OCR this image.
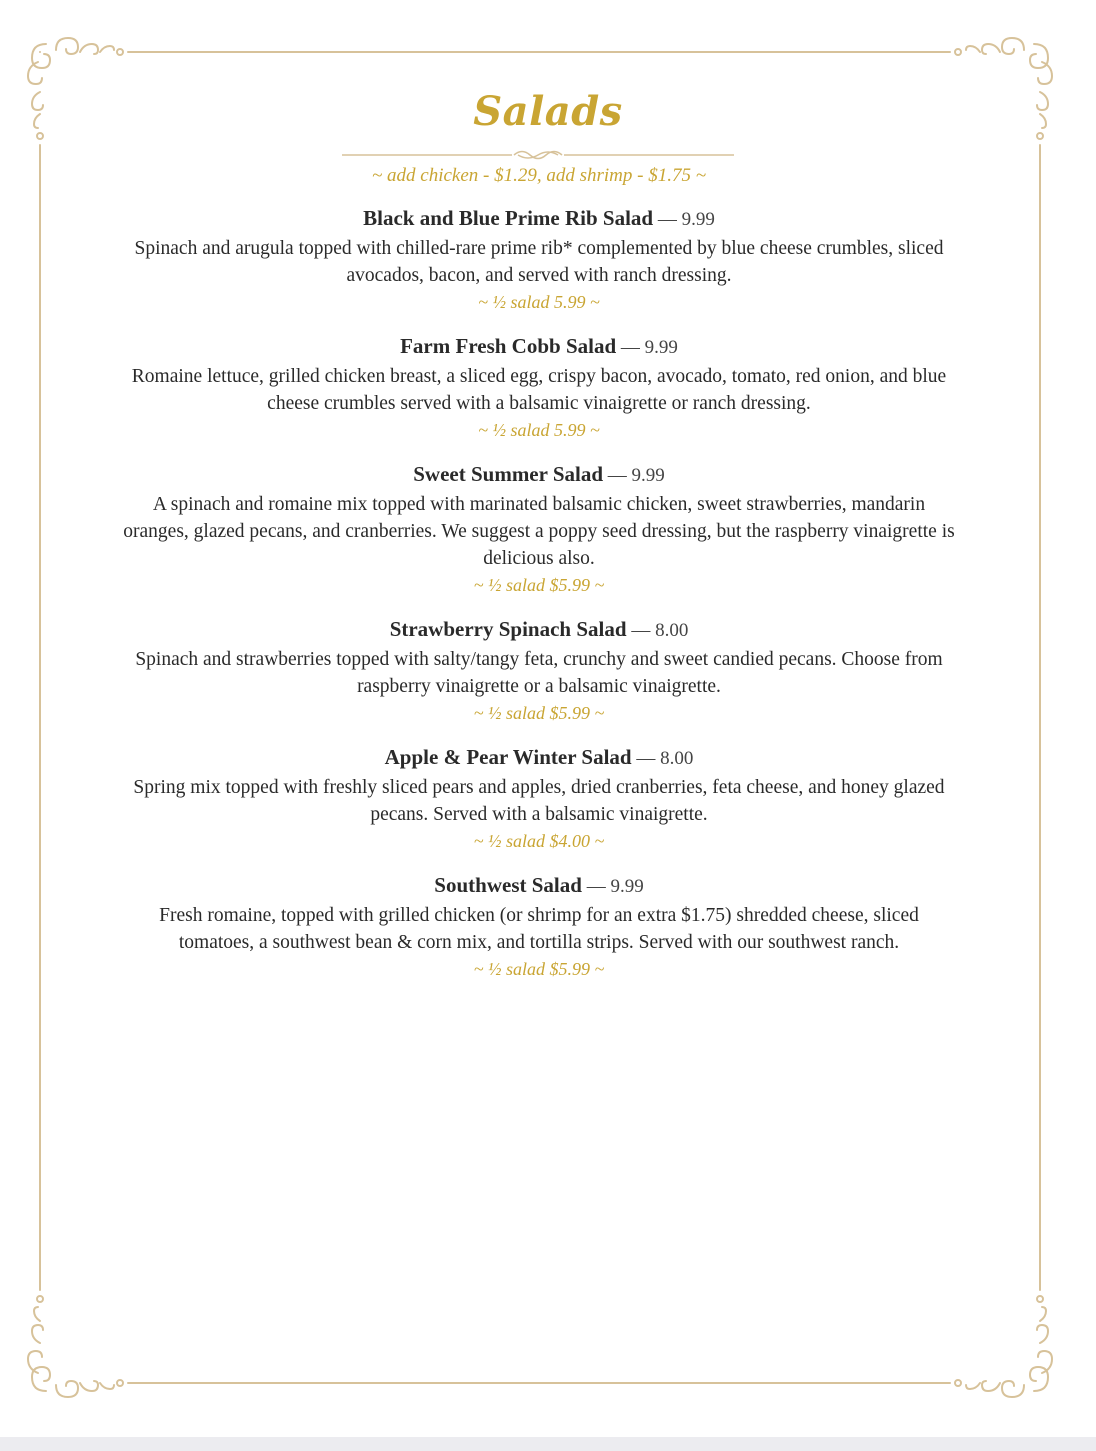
Salads
~ add chicken - $1.29, add shrimp - $1.75 ~
Black and Blue Prime Rib Salad — 9.99
Spinach and arugula topped with chilled-rare prime rib* complemented by blue cheese crumbles, sliced avocados, bacon, and served with ranch dressing.
~ ½ salad 5.99 ~
Farm Fresh Cobb Salad — 9.99
Romaine lettuce, grilled chicken breast, a sliced egg, crispy bacon, avocado, tomato, red onion, and blue cheese crumbles served with a balsamic vinaigrette or ranch dressing.
~ ½ salad 5.99 ~
Sweet Summer Salad — 9.99
A spinach and romaine mix topped with marinated balsamic chicken, sweet strawberries, mandarin oranges, glazed pecans, and cranberries. We suggest a poppy seed dressing, but the raspberry vinaigrette is delicious also.
~ ½ salad $5.99 ~
Strawberry Spinach Salad — 8.00
Spinach and strawberries topped with salty/tangy feta, crunchy and sweet candied pecans. Choose from raspberry vinaigrette or a balsamic vinaigrette.
~ ½ salad $5.99 ~
Apple & Pear Winter Salad — 8.00
Spring mix topped with freshly sliced pears and apples, dried cranberries, feta cheese, and honey glazed pecans. Served with a balsamic vinaigrette.
~ ½ salad $4.00 ~
Southwest Salad — 9.99
Fresh romaine, topped with grilled chicken (or shrimp for an extra $1.75) shredded cheese, sliced tomatoes, a southwest bean & corn mix, and tortilla strips. Served with our southwest ranch.
~ ½ salad $5.99 ~
